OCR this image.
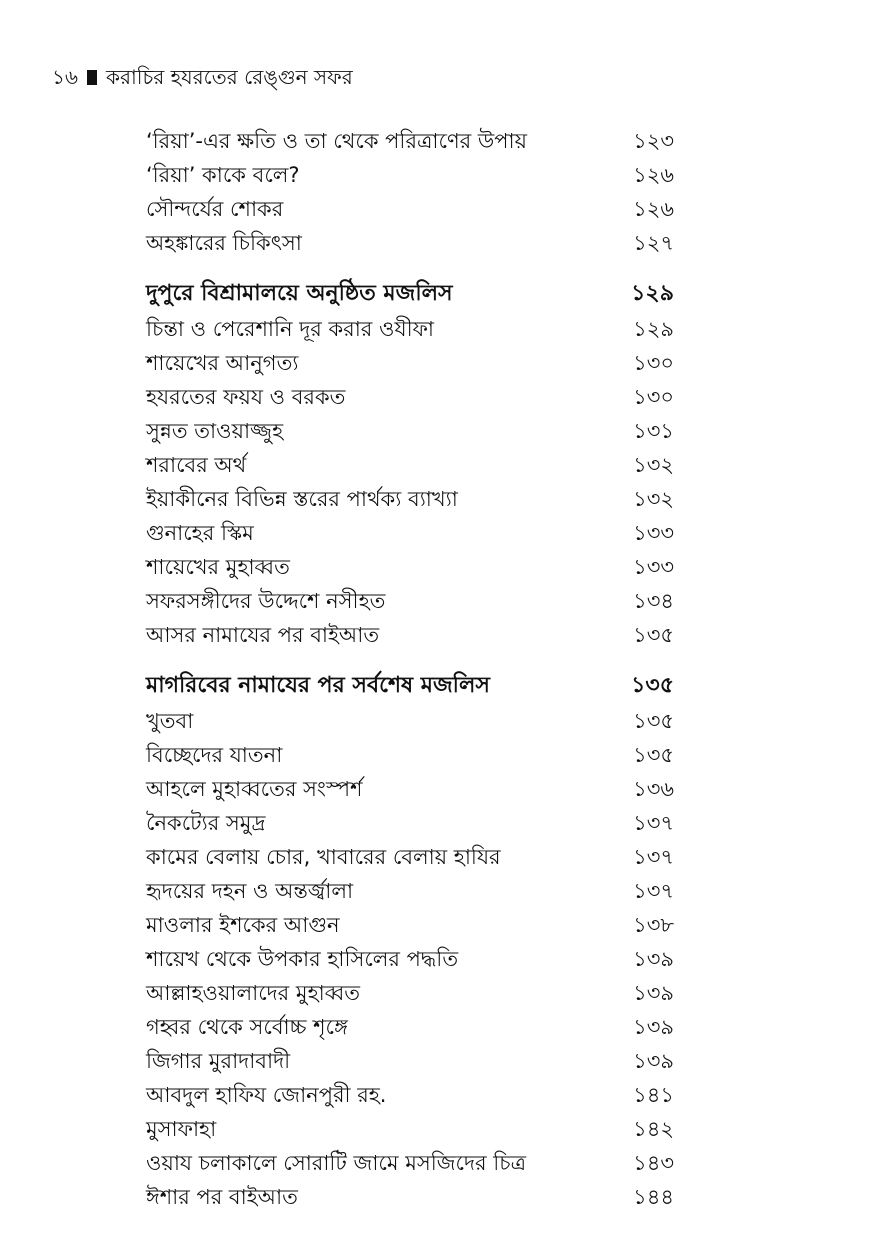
১৬ করাচির হযরতের রেঙ্গুন সফর
‘রিয়া’-এর ক্ষতি ও তা থেকে পরিত্রাণের উপায়	১২৩
‘রিয়া’ কাকে বলে?	১২৬
সৌন্দর্যের শোকর	১২৬
অহঙ্কারের চিকিৎসা	১২৭
দুপুরে বিশ্রামালয়ে অনুষ্ঠিত মজলিস	১২৯
চিন্তা ও পেরেশানি দূর করার ওযীফা	১২৯
শায়েখের আনুগত্য	১৩০
হযরতের ফয়য ও বরকত	১৩০
সুন্নত তাওয়াজ্জুহ	১৩১
শরাবের অর্থ	১৩২
ইয়াকীনের বিভিন্ন স্তরের পার্থক্য ব্যাখ্যা	১৩২
গুনাহের স্কিম	১৩৩
শায়েখের মুহাব্বত	১৩৩
সফরসঙ্গীদের উদ্দেশে নসীহত	১৩৪
আসর নামাযের পর বাইআত	১৩৫
মাগরিবের নামাযের পর সর্বশেষ মজলিস	১৩৫
খুতবা	১৩৫
বিচ্ছেদের যাতনা	১৩৫
আহলে মুহাব্বতের সংস্পর্শ	১৩৬
নৈকট্যের সমুদ্র	১৩৭
কামের বেলায় চোর, খাবারের বেলায় হাযির	১৩৭
হৃদয়ের দহন ও অন্তর্জ্বালা	১৩৭
মাওলার ইশকের আগুন	১৩৮
শায়েখ থেকে উপকার হাসিলের পদ্ধতি	১৩৯
আল্লাহওয়ালাদের মুহাব্বত	১৩৯
গহ্বর থেকে সর্বোচ্চ শৃঙ্গে	১৩৯
জিগার মুরাদাবাদী	১৩৯
আবদুল হাফিয জোনপুরী রহ.	১৪১
মুসাফাহা	১৪২
ওয়ায চলাকালে সোরাটি জামে মসজিদের চিত্র	১৪৩
ঈশার পর বাইআত	১৪৪
